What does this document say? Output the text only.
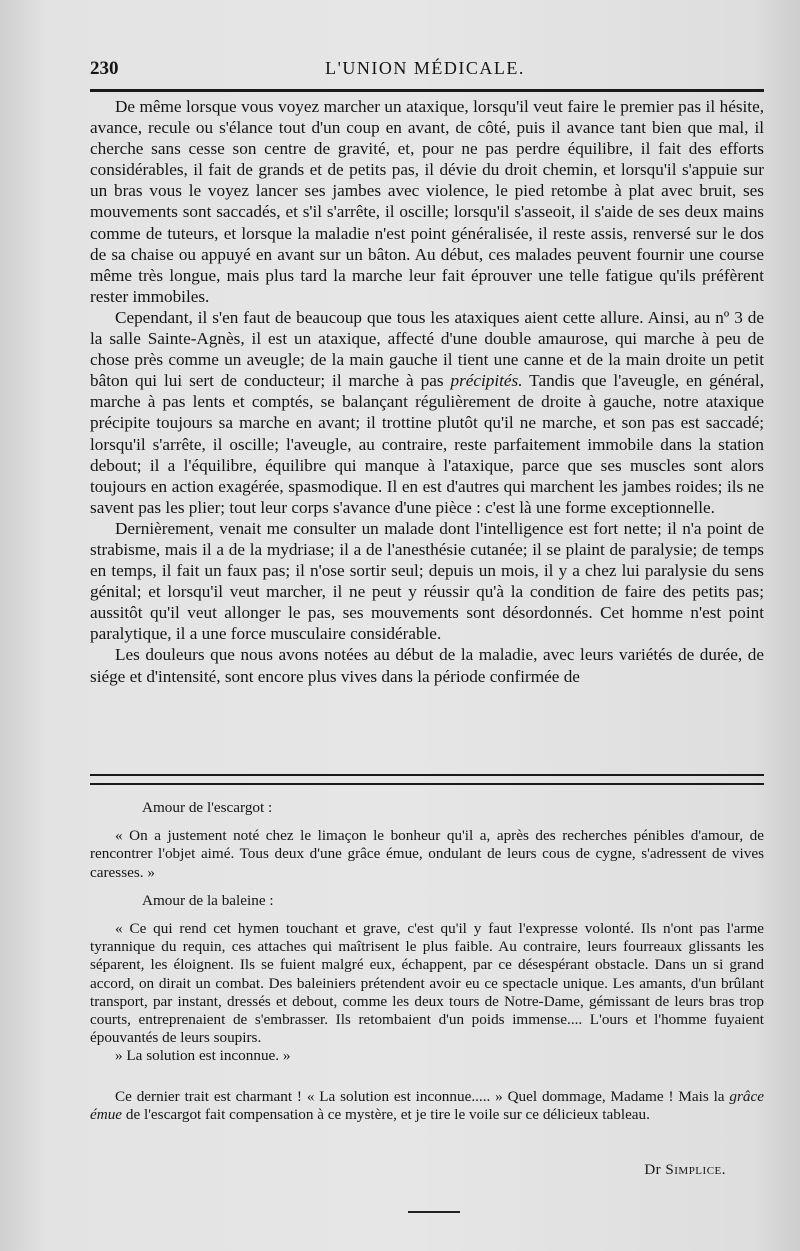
230	L'UNION MÉDICALE.

De même lorsque vous voyez marcher un ataxique, lorsqu'il veut faire le premier pas il hésite, avance, recule ou s'élance tout d'un coup en avant, de côté, puis il avance tant bien que mal, il cherche sans cesse son centre de gravité, et, pour ne pas perdre équilibre, il fait des efforts considérables, il fait de grands et de petits pas, il dévie du droit chemin, et lorsqu'il s'appuie sur un bras vous le voyez lancer ses jambes avec violence, le pied retombe à plat avec bruit, ses mouvements sont saccadés, et s'il s'arrête, il oscille; lorsqu'il s'asseoit, il s'aide de ses deux mains comme de tuteurs, et lorsque la maladie n'est point généralisée, il reste assis, renversé sur le dos de sa chaise ou appuyé en avant sur un bâton. Au début, ces malades peuvent fournir une course même très longue, mais plus tard la marche leur fait éprouver une telle fatigue qu'ils préfèrent rester immobiles.

Cependant, il s'en faut de beaucoup que tous les ataxiques aient cette allure. Ainsi, au nº 3 de la salle Sainte-Agnès, il est un ataxique, affecté d'une double amaurose, qui marche à peu de chose près comme un aveugle; de la main gauche il tient une canne et de la main droite un petit bâton qui lui sert de conducteur; il marche à pas précipités. Tandis que l'aveugle, en général, marche à pas lents et comptés, se balançant régulièrement de droite à gauche, notre ataxique précipite toujours sa marche en avant; il trottine plutôt qu'il ne marche, et son pas est saccadé; lorsqu'il s'arrête, il oscille; l'aveugle, au contraire, reste parfaitement immobile dans la station debout; il a l'équilibre, équilibre qui manque à l'ataxique, parce que ses muscles sont alors toujours en action exagérée, spasmodique. Il en est d'autres qui marchent les jambes roides; ils ne savent pas les plier; tout leur corps s'avance d'une pièce : c'est là une forme exceptionnelle.

Dernièrement, venait me consulter un malade dont l'intelligence est fort nette; il n'a point de strabisme, mais il a de la mydriase; il a de l'anesthésie cutanée; il se plaint de paralysie; de temps en temps, il fait un faux pas; il n'ose sortir seul; depuis un mois, il y a chez lui paralysie du sens génital; et lorsqu'il veut marcher, il ne peut y réussir qu'à la condition de faire des petits pas; aussitôt qu'il veut allonger le pas, ses mouvements sont désordonnés. Cet homme n'est point paralytique, il a une force musculaire considérable.

Les douleurs que nous avons notées au début de la maladie, avec leurs variétés de durée, de siége et d'intensité, sont encore plus vives dans la période confirmée de

Amour de l'escargot :

« On a justement noté chez le limaçon le bonheur qu'il a, après des recherches pénibles d'amour, de rencontrer l'objet aimé. Tous deux d'une grâce émue, ondulant de leurs cous de cygne, s'adressent de vives caresses. »

Amour de la baleine :

« Ce qui rend cet hymen touchant et grave, c'est qu'il y faut l'expresse volonté. Ils n'ont pas l'arme tyrannique du requin, ces attaches qui maîtrisent le plus faible. Au contraire, leurs fourreaux glissants les séparent, les éloignent. Ils se fuient malgré eux, échappent, par ce désespérant obstacle. Dans un si grand accord, on dirait un combat. Des baleiniers prétendent avoir eu ce spectacle unique. Les amants, d'un brûlant transport, par instant, dressés et debout, comme les deux tours de Notre-Dame, gémissant de leurs bras trop courts, entreprenaient de s'embrasser. Ils retombaient d'un poids immense.... L'ours et l'homme fuyaient épouvantés de leurs soupirs.

» La solution est inconnue. »

Ce dernier trait est charmant ! « La solution est inconnue..... » Quel dommage, Madame ! Mais la grâce émue de l'escargot fait compensation à ce mystère, et je tire le voile sur ce délicieux tableau.

Dr Simplice.
